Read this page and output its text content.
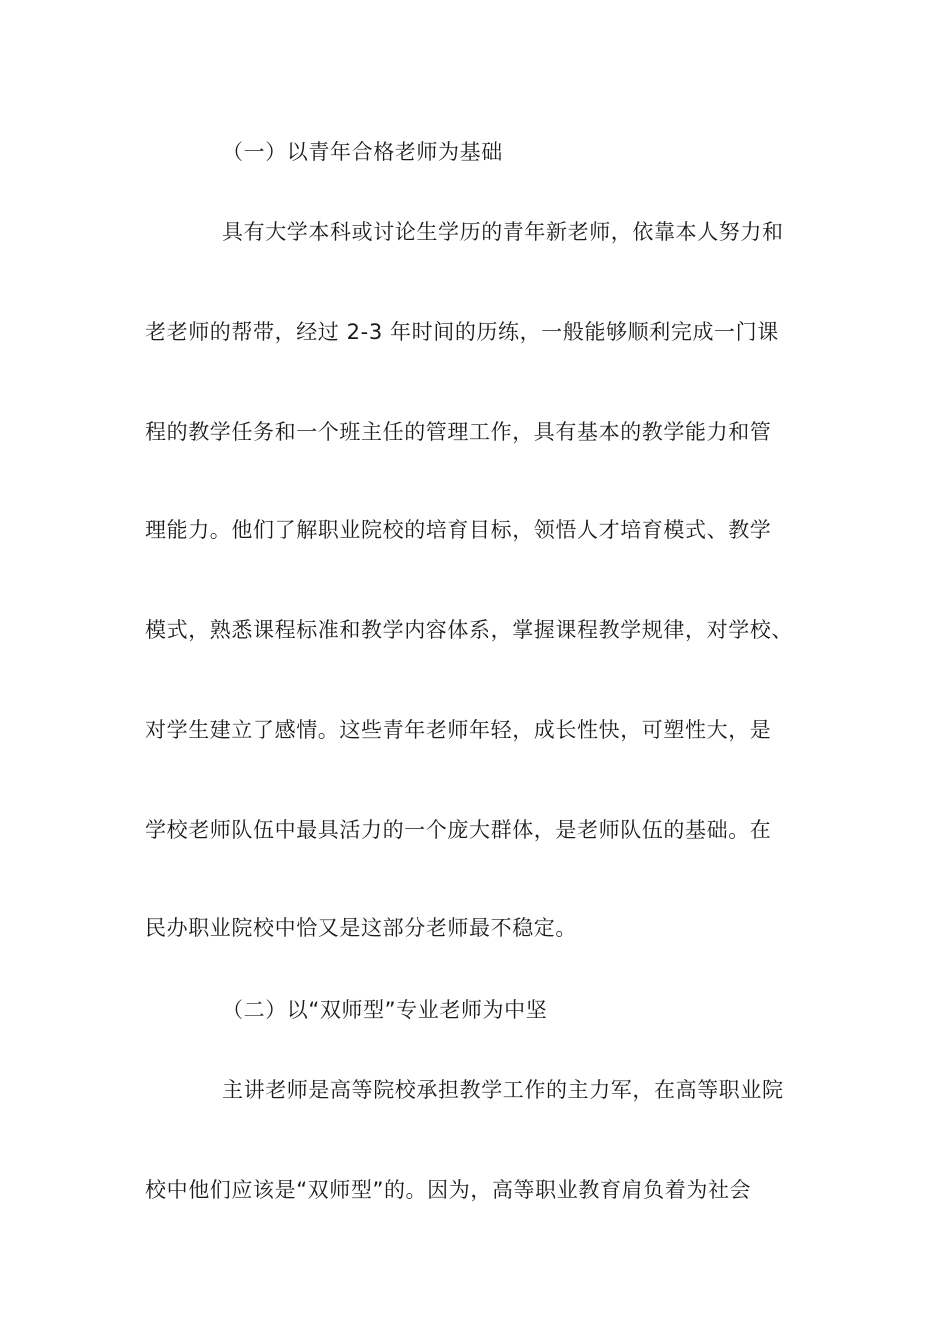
（一）以青年合格老师为基础
具有大学本科或讨论生学历的青年新老师，依靠本人努力和
老老师的帮带，经过 2-3 年时间的历练，一般能够顺利完成一门课
程的教学任务和一个班主任的管理工作，具有基本的教学能力和管
理能力。他们了解职业院校的培育目标，领悟人才培育模式、教学
模式，熟悉课程标准和教学内容体系，掌握课程教学规律，对学校、
对学生建立了感情。这些青年老师年轻，成长性快，可塑性大，是
学校老师队伍中最具活力的一个庞大群体，是老师队伍的基础。在
民办职业院校中恰又是这部分老师最不稳定。
（二）以“双师型”专业老师为中坚
主讲老师是高等院校承担教学工作的主力军，在高等职业院
校中他们应该是“双师型”的。因为，高等职业教育肩负着为社会
